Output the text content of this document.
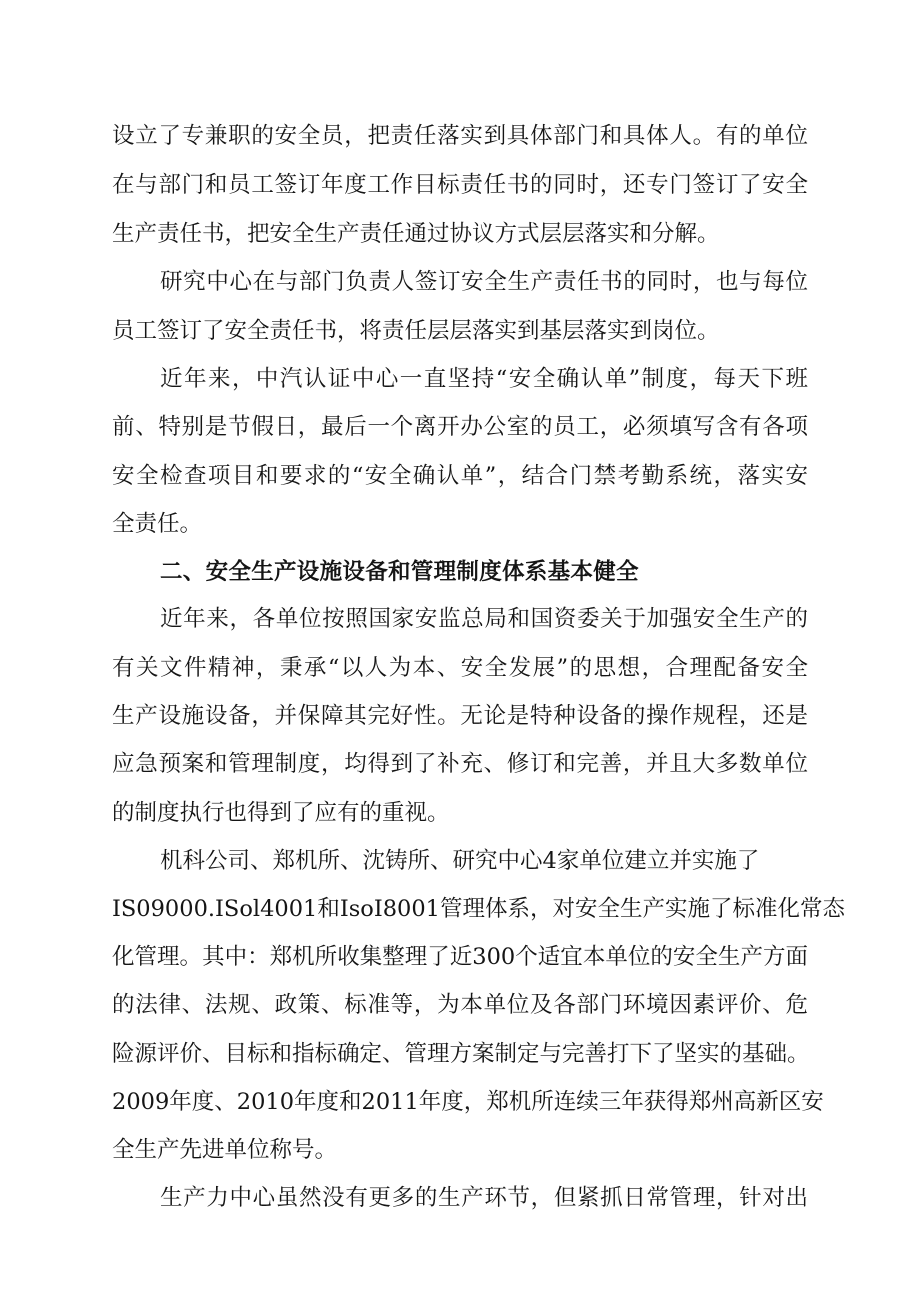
设立了专兼职的安全员，把责任落实到具体部门和具体人。有的单位
在与部门和员工签订年度工作目标责任书的同时，还专门签订了安全
生产责任书，把安全生产责任通过协议方式层层落实和分解。
研究中心在与部门负责人签订安全生产责任书的同时，也与每位
员工签订了安全责任书，将责任层层落实到基层落实到岗位。
近年来，中汽认证中心一直坚持“安全确认单”制度，每天下班
前、特别是节假日，最后一个离开办公室的员工，必须填写含有各项
安全检查项目和要求的“安全确认单”，结合门禁考勤系统，落实安
全责任。
二、安全生产设施设备和管理制度体系基本健全
近年来，各单位按照国家安监总局和国资委关于加强安全生产的
有关文件精神，秉承“以人为本、安全发展”的思想，合理配备安全
生产设施设备，并保障其完好性。无论是特种设备的操作规程，还是
应急预案和管理制度，均得到了补充、修订和完善，并且大多数单位
的制度执行也得到了应有的重视。
机科公司、郑机所、沈铸所、研究中心4家单位建立并实施了
IS09000.ISol4001和IsoI8001管理体系，对安全生产实施了标准化常态
化管理。其中：郑机所收集整理了近300个适宜本单位的安全生产方面
的法律、法规、政策、标准等，为本单位及各部门环境因素评价、危
险源评价、目标和指标确定、管理方案制定与完善打下了坚实的基础。
2009年度、2010年度和2011年度，郑机所连续三年获得郑州高新区安
全生产先进单位称号。
生产力中心虽然没有更多的生产环节，但紧抓日常管理，针对出
